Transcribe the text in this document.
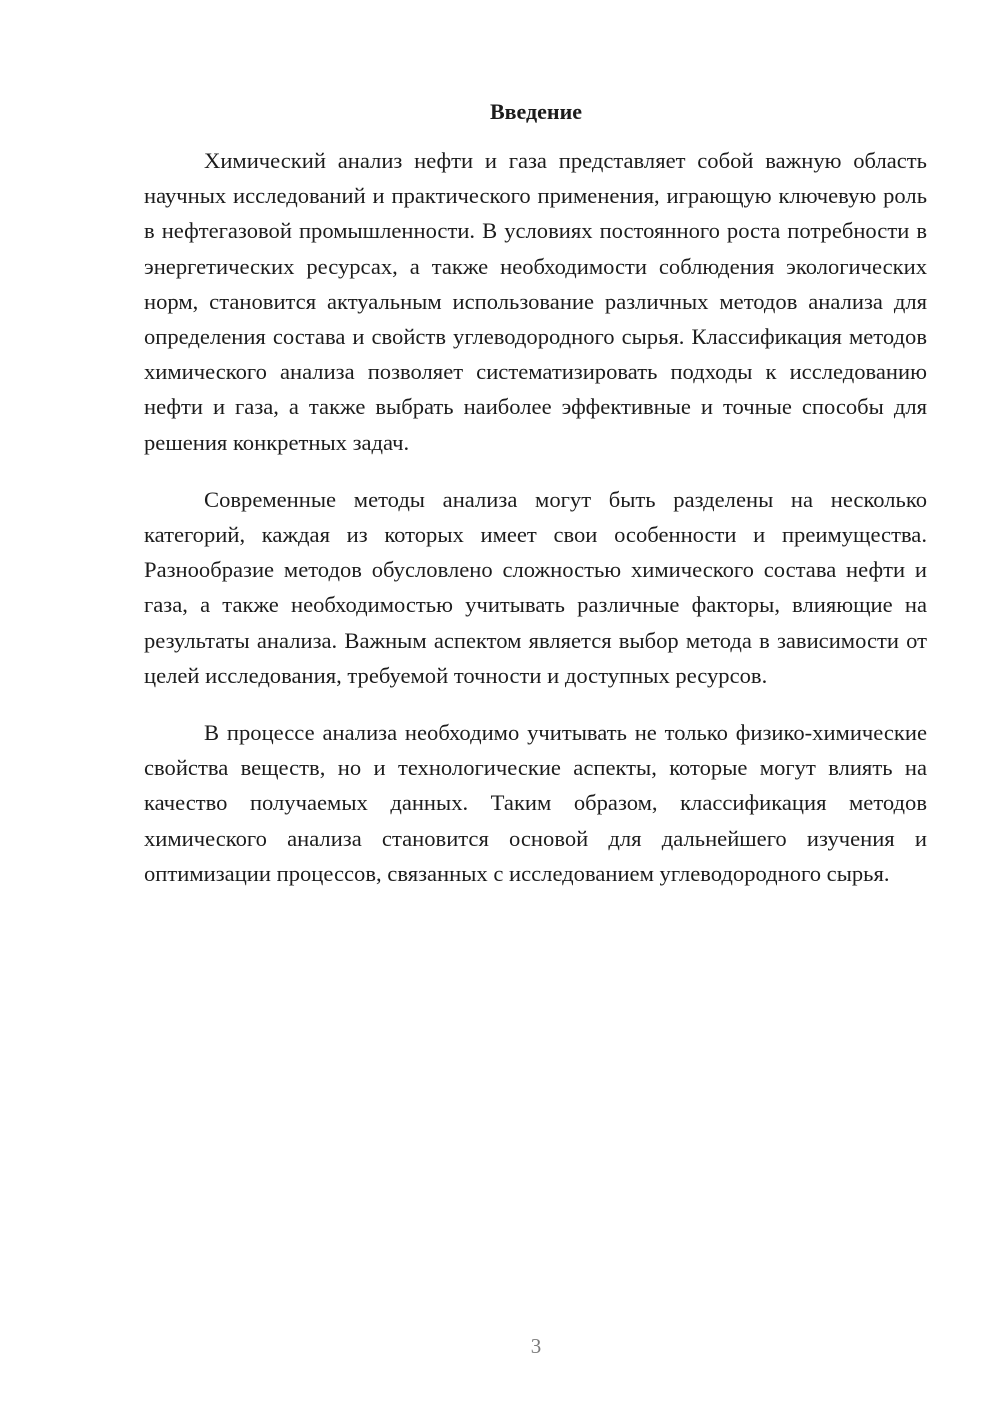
Введение

Химический анализ нефти и газа представляет собой важную область научных исследований и практического применения, играющую ключевую роль в нефтегазовой промышленности. В условиях постоянного роста потребности в энергетических ресурсах, а также необходимости соблюдения экологических норм, становится актуальным использование различных методов анализа для определения состава и свойств углеводородного сырья. Классификация методов химического анализа позволяет систематизировать подходы к исследованию нефти и газа, а также выбрать наиболее эффективные и точные способы для решения конкретных задач.

Современные методы анализа могут быть разделены на несколько категорий, каждая из которых имеет свои особенности и преимущества. Разнообразие методов обусловлено сложностью химического состава нефти и газа, а также необходимостью учитывать различные факторы, влияющие на результаты анализа. Важным аспектом является выбор метода в зависимости от целей исследования, требуемой точности и доступных ресурсов.

В процессе анализа необходимо учитывать не только физико-химические свойства веществ, но и технологические аспекты, которые могут влиять на качество получаемых данных. Таким образом, классификация методов химического анализа становится основой для дальнейшего изучения и оптимизации процессов, связанных с исследованием углеводородного сырья.

3
